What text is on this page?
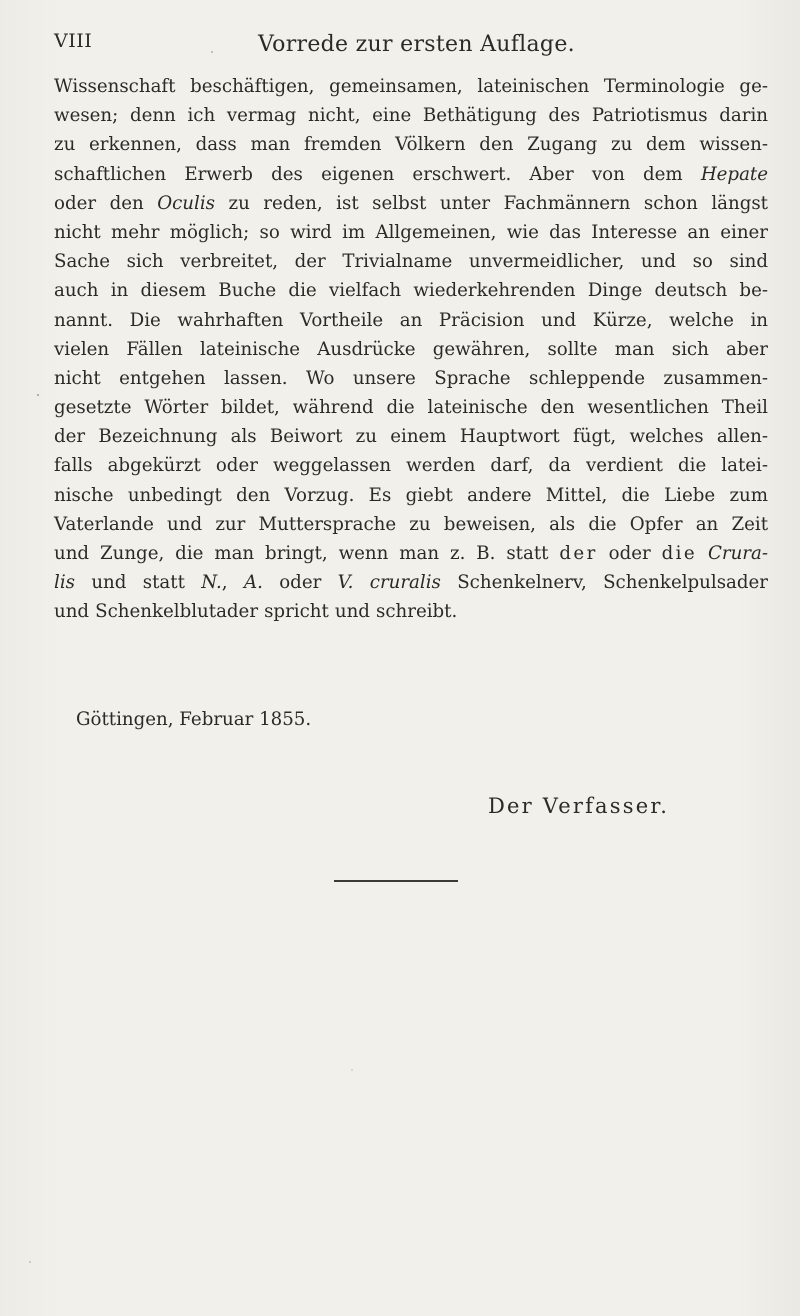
VIII	Vorrede zur ersten Auflage.
Wissenschaft beschäftigen, gemeinsamen, lateinischen Terminologie ge-
wesen; denn ich vermag nicht, eine Bethätigung des Patriotismus darin
zu erkennen, dass man fremden Völkern den Zugang zu dem wissen-
schaftlichen Erwerb des eigenen erschwert. Aber von dem Hepate
oder den Oculis zu reden, ist selbst unter Fachmännern schon längst
nicht mehr möglich; so wird im Allgemeinen, wie das Interesse an einer
Sache sich verbreitet, der Trivialname unvermeidlicher, und so sind
auch in diesem Buche die vielfach wiederkehrenden Dinge deutsch be-
nannt. Die wahrhaften Vortheile an Präcision und Kürze, welche in
vielen Fällen lateinische Ausdrücke gewähren, sollte man sich aber
nicht entgehen lassen. Wo unsere Sprache schleppende zusammen-
gesetzte Wörter bildet, während die lateinische den wesentlichen Theil
der Bezeichnung als Beiwort zu einem Hauptwort fügt, welches allen-
falls abgekürzt oder weggelassen werden darf, da verdient die latei-
nische unbedingt den Vorzug. Es giebt andere Mittel, die Liebe zum
Vaterlande und zur Muttersprache zu beweisen, als die Opfer an Zeit
und Zunge, die man bringt, wenn man z. B. statt der oder die Crura-
lis und statt N., A. oder V. cruralis Schenkelnerv, Schenkelpulsader
und Schenkelblutader spricht und schreibt.
Göttingen, Februar 1855.
Der Verfasser.
